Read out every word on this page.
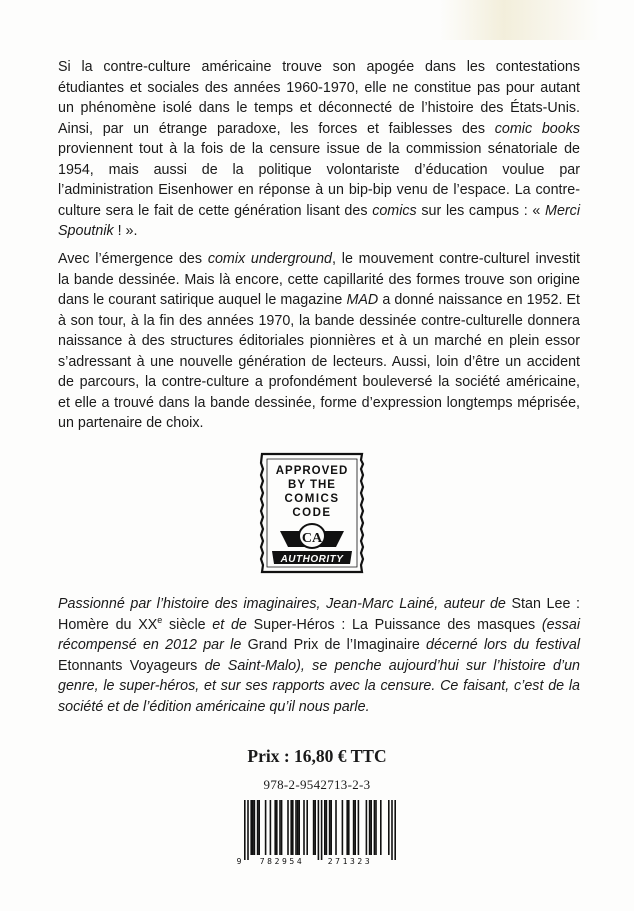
Si la contre-culture américaine trouve son apogée dans les contestations étudiantes et sociales des années 1960-1970, elle ne constitue pas pour autant un phénomène isolé dans le temps et déconnecté de l’histoire des États-Unis. Ainsi, par un étrange paradoxe, les forces et faiblesses des comic books proviennent tout à la fois de la censure issue de la commission sénatoriale de 1954, mais aussi de la politique volontariste d’éducation voulue par l’administration Eisenhower en réponse à un bip-bip venu de l’espace. La contre-culture sera le fait de cette génération lisant des comics sur les campus : « Merci Spoutnik ! ».

Avec l’émergence des comix underground, le mouvement contre-culturel investit la bande dessinée. Mais là encore, cette capillarité des formes trouve son origine dans le courant satirique auquel le magazine MAD a donné naissance en 1952. Et à son tour, à la fin des années 1970, la bande dessinée contre-culturelle donnera naissance à des structures éditoriales pionnières et à un marché en plein essor s’adressant à une nouvelle génération de lecteurs. Aussi, loin d’être un accident de parcours, la contre-culture a profondément bouleversé la société américaine, et elle a trouvé dans la bande dessinée, forme d’expression longtemps méprisée, un partenaire de choix.

APPROVED
BY THE
COMICS
CODE
CA
AUTHORITY

Passionné par l’histoire des imaginaires, Jean-Marc Lainé, auteur de Stan Lee : Homère du XXe siècle et de Super-Héros : La Puissance des masques (essai récompensé en 2012 par le Grand Prix de l’Imaginaire décerné lors du festival Etonnants Voyageurs de Saint-Malo), se penche aujourd’hui sur l’histoire d’un genre, le super-héros, et sur ses rapports avec la censure. Ce faisant, c’est de la société et de l’édition américaine qu’il nous parle.

Prix : 16,80 € TTC
978-2-9542713-2-3
9 782954	271323
